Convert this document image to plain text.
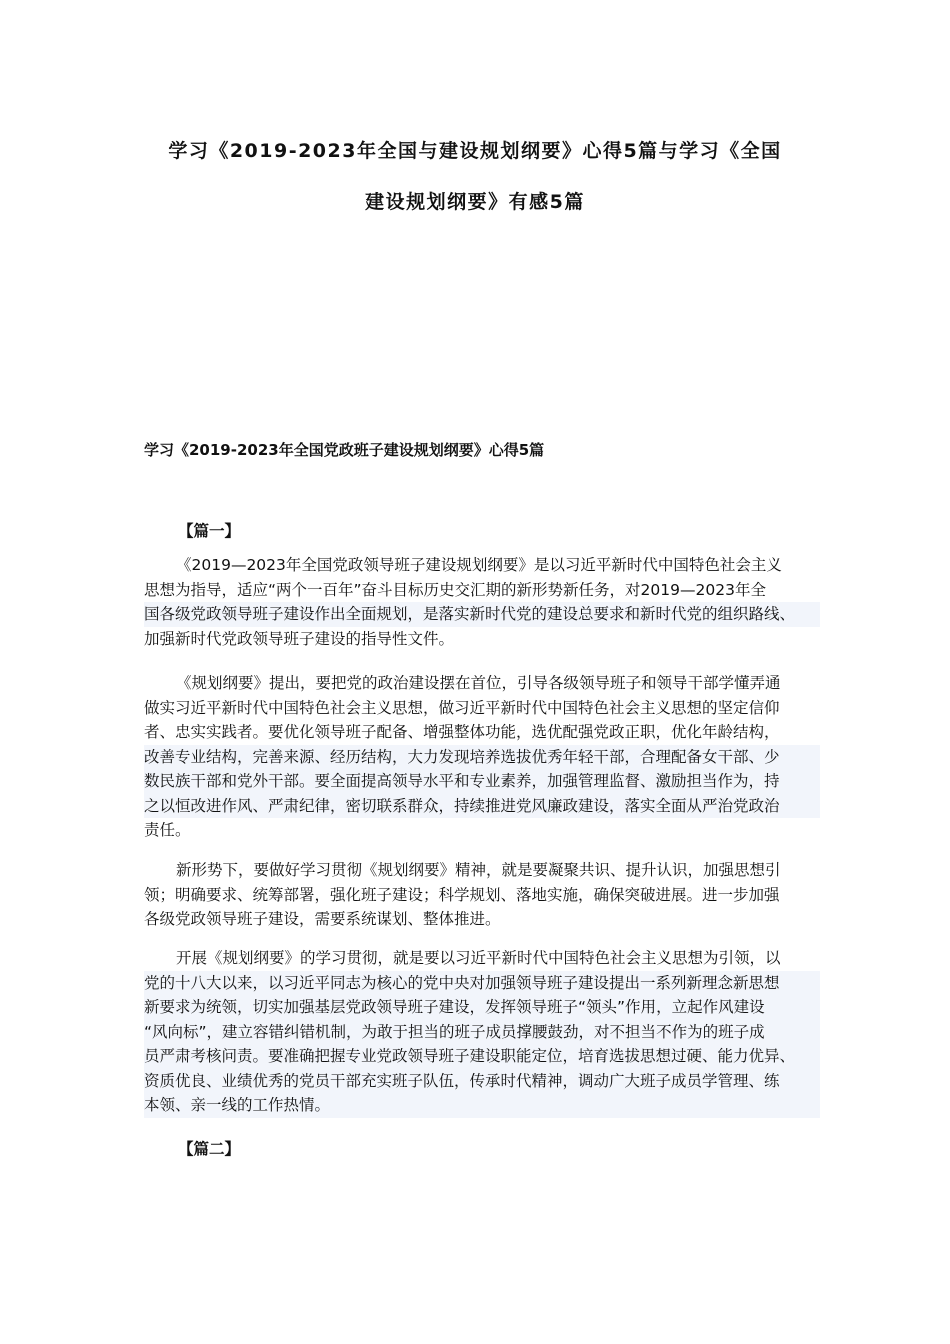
学习《2019-2023年全国与建设规划纲要》心得5篇与学习《全国
建设规划纲要》有感5篇
学习《2019-2023年全国党政班子建设规划纲要》心得5篇
【篇一】
《2019—2023年全国党政领导班子建设规划纲要》是以习近平新时代中国特色社会主义
思想为指导，适应“两个一百年”奋斗目标历史交汇期的新形势新任务，对2019—2023年全
国各级党政领导班子建设作出全面规划，是落实新时代党的建设总要求和新时代党的组织路线、
加强新时代党政领导班子建设的指导性文件。
《规划纲要》提出，要把党的政治建设摆在首位，引导各级领导班子和领导干部学懂弄通
做实习近平新时代中国特色社会主义思想，做习近平新时代中国特色社会主义思想的坚定信仰
者、忠实实践者。要优化领导班子配备、增强整体功能，选优配强党政正职，优化年龄结构，
改善专业结构，完善来源、经历结构，大力发现培养选拔优秀年轻干部，合理配备女干部、少
数民族干部和党外干部。要全面提高领导水平和专业素养，加强管理监督、激励担当作为，持
之以恒改进作风、严肃纪律，密切联系群众，持续推进党风廉政建设，落实全面从严治党政治
责任。
新形势下，要做好学习贯彻《规划纲要》精神，就是要凝聚共识、提升认识，加强思想引
领；明确要求、统筹部署，强化班子建设；科学规划、落地实施，确保突破进展。进一步加强
各级党政领导班子建设，需要系统谋划、整体推进。
开展《规划纲要》的学习贯彻，就是要以习近平新时代中国特色社会主义思想为引领，以
党的十八大以来，以习近平同志为核心的党中央对加强领导班子建设提出一系列新理念新思想
新要求为统领，切实加强基层党政领导班子建设，发挥领导班子“领头”作用，立起作风建设
“风向标”，建立容错纠错机制，为敢于担当的班子成员撑腰鼓劲，对不担当不作为的班子成
员严肃考核问责。要准确把握专业党政领导班子建设职能定位，培育选拔思想过硬、能力优异、
资质优良、业绩优秀的党员干部充实班子队伍，传承时代精神，调动广大班子成员学管理、练
本领、亲一线的工作热情。
【篇二】
